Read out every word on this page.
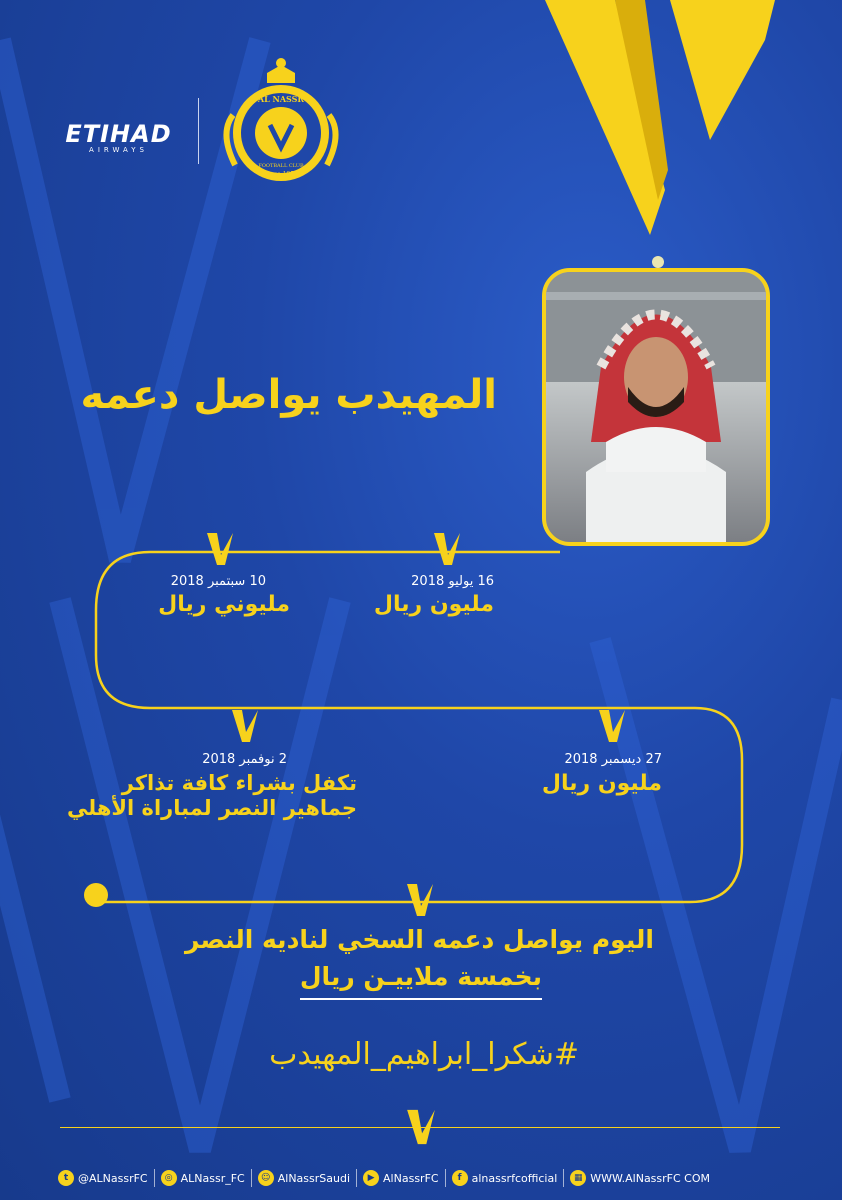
ETIHAD
AIRWAYS
AL NASSR
Since 1955
FOOTBALL CLUB
المهيدب يواصل دعمه
16 يوليو 2018
مليون ريال
10 سبتمبر 2018
مليوني ريال
27 ديسمبر 2018
مليون ريال
2 نوفمبر 2018
تكفل بشراء كافة تذاكر
جماهير النصر لمباراة الأهلي
اليوم يواصل دعمه السخي لناديه النصر
بخمسة ملاييـن ريال
#شكرا_ابراهيم_المهيدب
t @ALNassrFC	◎ ALNassr_FC	☺ AlNassrSaudi	▶ AlNassrFC	f alnassrfcofficial	▦ WWW.AlNassrFC COM
